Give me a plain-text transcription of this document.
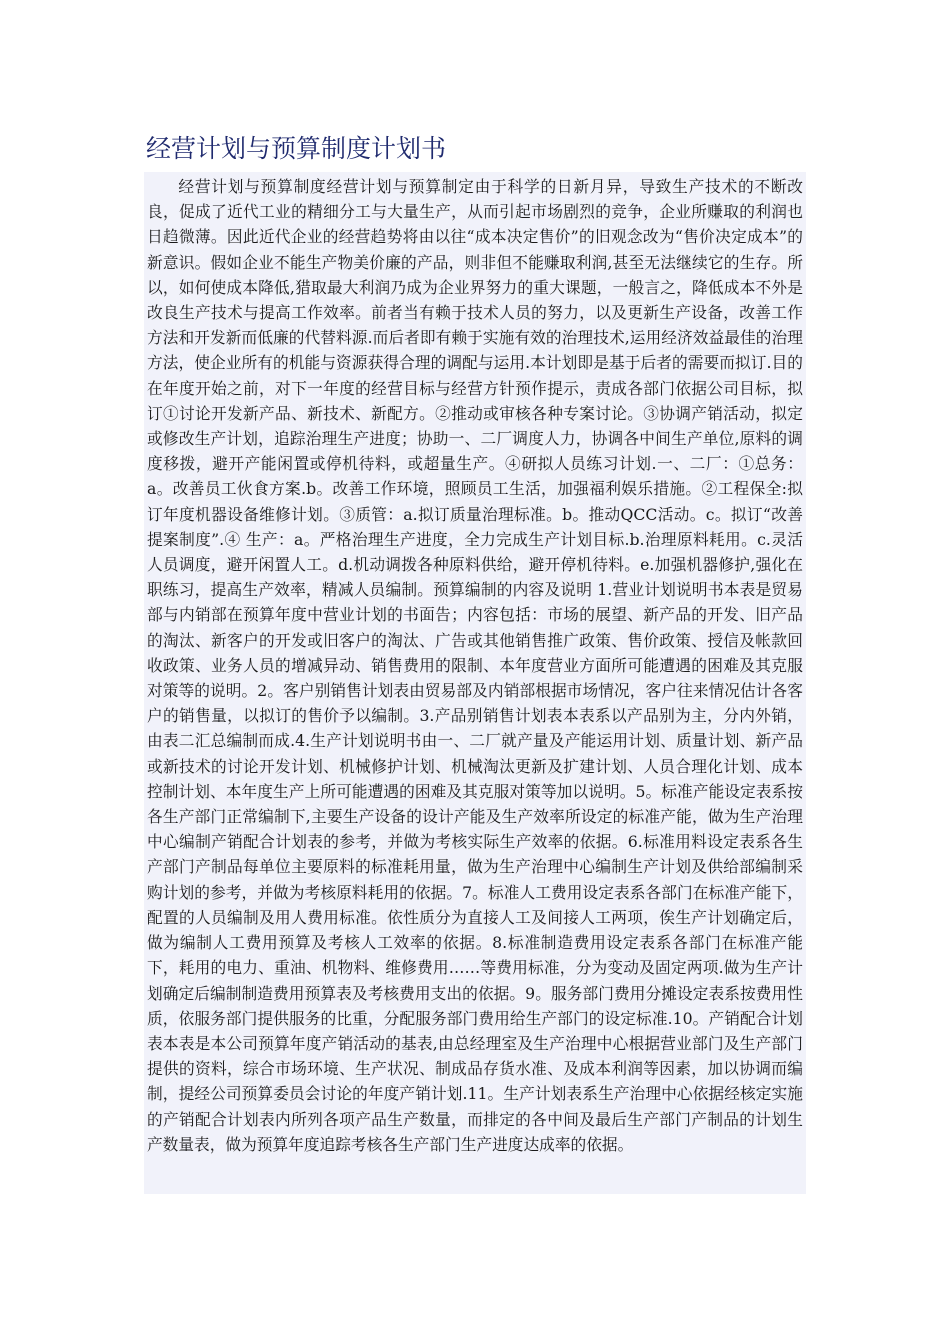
经营计划与预算制度计划书

经营计划与预算制度经营计划与预算制定由于科学的日新月异，导致生产技术的不断改良，促成了近代工业的精细分工与大量生产，从而引起市场剧烈的竞争，企业所赚取的利润也日趋微薄。因此近代企业的经营趋势将由以往“成本决定售价”的旧观念改为“售价决定成本”的新意识。假如企业不能生产物美价廉的产品，则非但不能赚取利润,甚至无法继续它的生存。所以，如何使成本降低,猎取最大利润乃成为企业界努力的重大课题，一般言之，降低成本不外是改良生产技术与提高工作效率。前者当有赖于技术人员的努力，以及更新生产设备，改善工作方法和开发新而低廉的代替料源.而后者即有赖于实施有效的治理技术,运用经济效益最佳的治理方法，使企业所有的机能与资源获得合理的调配与运用.本计划即是基于后者的需要而拟订.目的在年度开始之前，对下一年度的经营目标与经营方针预作提示，责成各部门依据公司目标，拟订①讨论开发新产品、新技术、新配方。②推动或审核各种专案讨论。③协调产销活动，拟定或修改生产计划，追踪治理生产进度；协助一、二厂调度人力，协调各中间生产单位,原料的调度移拨，避开产能闲置或停机待料，或超量生产。④研拟人员练习计划.一、二厂：①总务：a。改善员工伙食方案.b。改善工作环境，照顾员工生活，加强福利娱乐措施。②工程保全:拟订年度机器设备维修计划。③质管：a.拟订质量治理标准。b。推动QCC活动。c。拟订“改善提案制度”.④ 生产：a。严格治理生产进度，全力完成生产计划目标.b.治理原料耗用。c.灵活人员调度，避开闲置人工。d.机动调拨各种原料供给，避开停机待料。e.加强机器修护,强化在职练习，提高生产效率，精减人员编制。预算编制的内容及说明 1.营业计划说明书本表是贸易部与内销部在预算年度中营业计划的书面告；内容包括：市场的展望、新产品的开发、旧产品的淘汰、新客户的开发或旧客户的淘汰、广告或其他销售推广政策、售价政策、授信及帐款回收政策、业务人员的增减异动、销售费用的限制、本年度营业方面所可能遭遇的困难及其克服对策等的说明。2。客户别销售计划表由贸易部及内销部根据市场情况，客户往来情况估计各客户的销售量，以拟订的售价予以编制。3.产品别销售计划表本表系以产品别为主，分内外销，由表二汇总编制而成.4.生产计划说明书由一、二厂就产量及产能运用计划、质量计划、新产品或新技术的讨论开发计划、机械修护计划、机械淘汰更新及扩建计划、人员合理化计划、成本控制计划、本年度生产上所可能遭遇的困难及其克服对策等加以说明。5。标准产能设定表系按各生产部门正常编制下,主要生产设备的设计产能及生产效率所设定的标准产能，做为生产治理中心编制产销配合计划表的参考，并做为考核实际生产效率的依据。6.标准用料设定表系各生产部门产制品每单位主要原料的标准耗用量，做为生产治理中心编制生产计划及供给部编制采购计划的参考，并做为考核原料耗用的依据。7。标准人工费用设定表系各部门在标准产能下，配置的人员编制及用人费用标准。依性质分为直接人工及间接人工两项，俟生产计划确定后，做为编制人工费用预算及考核人工效率的依据。8.标准制造费用设定表系各部门在标准产能下，耗用的电力、重油、机物料、维修费用……等费用标准，分为变动及固定两项.做为生产计划确定后编制制造费用预算表及考核费用支出的依据。9。服务部门费用分摊设定表系按费用性质，依服务部门提供服务的比重，分配服务部门费用给生产部门的设定标准.10。产销配合计划表本表是本公司预算年度产销活动的基表,由总经理室及生产治理中心根据营业部门及生产部门提供的资料，综合市场环境、生产状况、制成品存货水准、及成本利润等因素，加以协调而编制，提经公司预算委员会讨论的年度产销计划.11。生产计划表系生产治理中心依据经核定实施的产销配合计划表内所列各项产品生产数量，而排定的各中间及最后生产部门产制品的计划生产数量表，做为预算年度追踪考核各生产部门生产进度达成率的依据。
